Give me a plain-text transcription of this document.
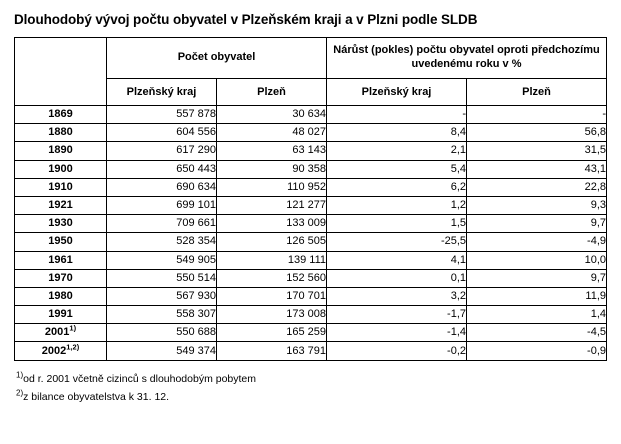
Dlouhodobý vývoj počtu obyvatel v Plzeňském kraji a v Plzni podle SLDB
	Počet obyvatel		Nárůst (pokles) počtu obyvatel oproti předchozímu uvedenému roku v %	
	Plzeňský kraj	Plzeň	Plzeňský kraj	Plzeň
1869	557 878	30 634	-	-
1880	604 556	48 027	8,4	56,8
1890	617 290	63 143	2,1	31,5
1900	650 443	90 358	5,4	43,1
1910	690 634	110 952	6,2	22,8
1921	699 101	121 277	1,2	9,3
1930	709 661	133 009	1,5	9,7
1950	528 354	126 505	-25,5	-4,9
1961	549 905	139 111	4,1	10,0
1970	550 514	152 560	0,1	9,7
1980	567 930	170 701	3,2	11,9
1991	558 307	173 008	-1,7	1,4
2001$^{1)}$	550 688	165 259	-1,4	-4,5
2002$^{1,2)}$	549 374	163 791	-0,2	-0,9
$^{1)}$od r. 2001 včetně cizinců s dlouhodobým pobytem
$^{2)}$z bilance obyvatelstva k 31. 12.
